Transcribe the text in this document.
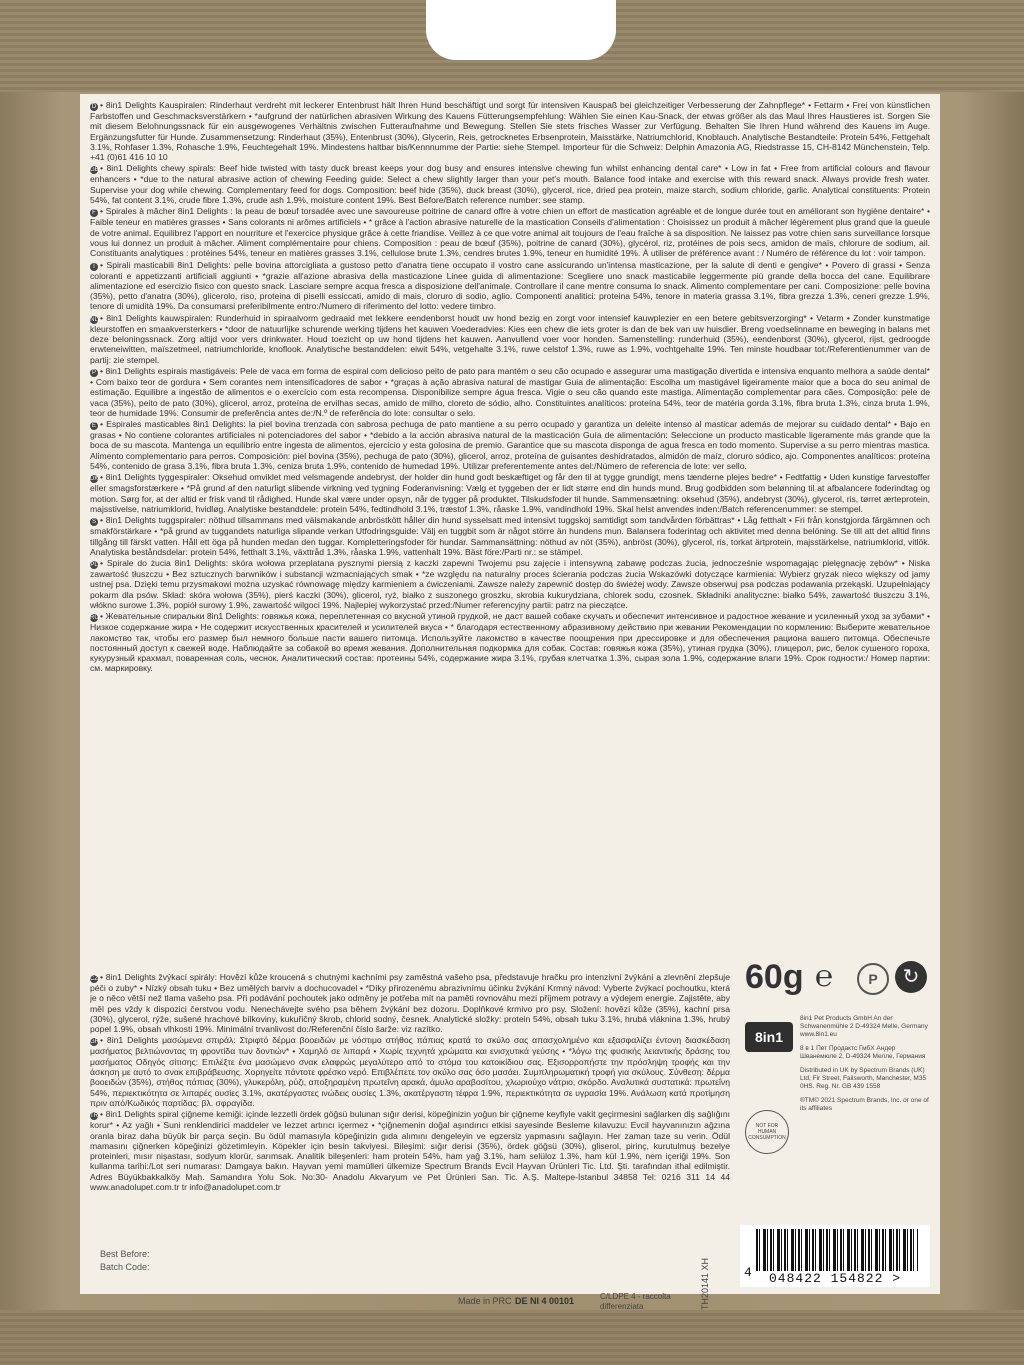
D • 8in1 Delights Kauspiralen: Rinderhaut verdreht mit leckerer Entenbrust hält Ihren Hund beschäftigt und sorgt für intensiven Kauspaß bei gleichzeitiger Verbesserung der Zahnpflege* • Fettarm • Frei von künstlichen Farbstoffen und Geschmacksverstärkern • *aufgrund der natürlichen abrasiven Wirkung des Kauens Fütterungsempfehlung: Wählen Sie einen Kau-Snack, der etwas größer als das Maul Ihres Haustieres ist. Sorgen Sie mit diesem Belohnungssnack für ein ausgewogenes Verhältnis zwischen Futteraufnahme und Bewegung. Stellen Sie stets frisches Wasser zur Verfügung. Behalten Sie Ihren Hund während des Kauens im Auge. Ergänzungsfutter für Hunde. Zusammensetzung: Rinderhaut (35%), Entenbrust (30%), Glycerin, Reis, getrocknetes Erbsenprotein, Maisstärke, Natriumchlorid, Knoblauch. Analytische Bestandteile: Protein 54%, Fettgehalt 3.1%, Rohfaser 1.3%, Rohasche 1.9%, Feuchtegehalt 19%. Mindestens haltbar bis/Kennnumme der Partie: siehe Stempel. Importeur für die Schweiz: Delphin Amazonia AG, Riedstrasse 15, CH-8142 Münchenstein, Telp. +41 (0)61 416 10 10

GB• 8in1 Delights chewy spirals: Beef hide twisted with tasty duck breast keeps your dog busy and ensures intensive chewing fun whilst enhancing dental care* • Low in fat • Free from artificial colours and flavour enhancers • *due to the natural abrasive action of chewing Feeding guide: Select a chew slightly larger than your pet's mouth. Balance food intake and exercise with this reward snack. Always provide fresh water. Supervise your dog while chewing. Complementary feed for dogs. Composition: beef hide (35%), duck breast (30%), glycerol, rice, dried pea protein, maize starch, sodium chloride, garlic. Analytical constituents: Protein 54%, fat content 3.1%, crude fibre 1.3%, crude ash 1.9%, moisture content 19%. Best Before/Batch reference number: see stamp.

F • Spirales à mâcher 8in1 Delights : la peau de bœuf torsadée avec une savoureuse poitrine de canard offre à votre chien un effort de mastication agréable et de longue durée tout en améliorant son hygiène dentaire* • Faible teneur en matières grasses • Sans colorants ni arômes artificiels • * grâce à l'action abrasive naturelle de la mastication Conseils d'alimentation : Choisissez un produit à mâcher légèrement plus grand que la gueule de votre animal. Equilibrez l'apport en nourriture et l'exercice physique grâce à cette friandise. Veillez à ce que votre animal ait toujours de l'eau fraîche à sa disposition. Ne laissez pas votre chien sans surveillance lorsque vous lui donnez un produit à mâcher. Aliment complémentaire pour chiens. Composition : peau de bœuf (35%), poitrine de canard (30%), glycérol, riz, protéines de pois secs, amidon de maïs, chlorure de sodium, ail. Constituants analytiques : protéines 54%, teneur en matières grasses 3.1%, cellulose brute 1.3%, cendres brutes 1.9%, teneur en humidité 19%. À utiliser de préférence avant : / Numéro de référence du lot : voir tampon.

I • Spirali masticabili 8in1 Delights: pelle bovina attorcigliata a gustoso petto d'anatra tiene occupato il vostro cane assicurando un'intensa masticazione, per la salute di denti e gengive* • Povero di grassi • Senza coloranti e appetizzanti artificiali aggiunti • *grazie all'azione abrasiva della masticazione Linee guida di alimentazione: Scegliere uno snack masticabile leggermente più grande della bocca del cane. Equilibrare alimentazione ed esercizio fisico con questo snack. Lasciare sempre acqua fresca a disposizione dell'animale. Controllare il cane mentre consuma lo snack. Alimento complementare per cani. Composizione: pelle bovina (35%), petto d'anatra (30%), glicerolo, riso, proteina di piselli essiccati, amido di mais, cloruro di sodio, aglio. Componenti analitici: proteina 54%, tenore in materia grassa 3.1%, fibra grezza 1.3%, ceneri grezze 1.9%, tenore di umidità 19%. Da consumarsi preferibilmente entro:/Numero di riferimento del lotto: vedere timbro.

NL • 8in1 Delights kauwspiralen: Runderhuid in spiraalvorm gedraaid met lekkere eendenborst houdt uw hond bezig en zorgt voor intensief kauwplezier en een betere gebitsverzorging* • Vetarm • Zonder kunstmatige kleurstoffen en smaakversterkers • *door de natuurlijke schurende werking tijdens het kauwen Voederadvies: Kies een chew die iets groter is dan de bek van uw huisdier. Breng voedselinname en beweging in balans met deze beloningssnack. Zorg altijd voor vers drinkwater. Houd toezicht op uw hond tijdens het kauwen. Aanvullend voer voor honden. Samenstelling: runderhuid (35%), eendenborst (30%), glycerol, rijst, gedroogde erwteneiwitten, maïszetmeel, natriumchloride, knoflook. Analytische bestanddelen: eiwit 54%, vetgehalte 3.1%, ruwe celstof 1.3%, ruwe as 1.9%, vochtgehalte 19%. Ten minste houdbaar tot:/Referentienummer van de partij: zie stempel.

P • 8in1 Delights espirais mastigáveis: Pele de vaca em forma de espiral com delicioso peito de pato para mantém o seu cão ocupado e assegurar uma mastigação divertida e intensiva enquanto melhora a saúde dental* • Com baixo teor de gordura • Sem corantes nem intensificadores de sabor • *graças à ação abrasiva natural de mastigar Guia de alimentação: Escolha um mastigável ligeiramente maior que a boca do seu animal de estimação. Equilibre a ingestão de alimentos e o exercício com esta recompensa. Disponibilize sempre água fresca. Vigie o seu cão quando este mastiga. Alimentação complementar para cães. Composição: pele de vaca (35%), peito de pato (30%), glicerol, arroz, proteína de ervilhas secas, amido de milho, cloreto de sódio, alho. Constituintes analíticos: proteína 54%, teor de matéria gorda 3.1%, fibra bruta 1.3%, cinza bruta 1.9%, teor de humidade 19%. Consumir de preferência antes de:/N.º de referência do lote: consultar o selo.

E • Espirales masticables 8in1 Delights: la piel bovina trenzada con sabrosa pechuga de pato mantiene a su perro ocupado y garantiza un deleite intenso al masticar además de mejorar su cuidado dental* • Bajo en grasas • No contiene colorantes artificiales ni potenciadores del sabor • *debido a la acción abrasiva natural de la masticación Guía de alimentación: Seleccione un producto masticable ligeramente más grande que la boca de su mascota. Mantenga un equilibrio entre ingesta de alimentos, ejercicio y esta golosina de premio. Garantice que su mascota disponga de agua fresca en todo momento. Supervise a su perro mientras mastica. Alimento complementario para perros. Composición: piel bovina (35%), pechuga de pato (30%), glicerol, arroz, proteína de guisantes deshidratados, almidón de maíz, cloruro sódico, ajo. Componentes analíticos: proteína 54%, contenido de grasa 3.1%, fibra bruta 1.3%, ceniza bruta 1.9%, contenido de humedad 19%. Utilizar preferentemente antes del:/Número de referencia de lote: ver sello.

DK • 8in1 Delights tyggespiraler: Oksehud omviklet med velsmagende andebryst, der holder din hund godt beskæftiget og får den til at tygge grundigt, mens tænderne plejes bedre* • Fedtfattig • Uden kunstige farvestoffer eller smagsforstærkere • *På grund af den naturligt slibende virkning ved tygning Foderanvisning: Vælg et tyggeben der er lidt større end din hunds mund. Brug godbidden som belønning til at afbalancere foderindtag og motion. Sørg for, at der altid er frisk vand til rådighed. Hunde skal være under opsyn, når de tygger på produktet. Tilskudsfoder til hunde. Sammensætning: oksehud (35%), andebryst (30%), glycerol, ris, tørret ærteprotein, majsstivelse, natriumklorid, hvidløg. Analytiske bestanddele: protein 54%, fedtindhold 3.1%, træstof 1.3%, råaske 1.9%, vandindhold 19%. Skal helst anvendes inden:/Batch referencenummer: se stempel.

S • 8in1 Delights tuggspiraler: nöthud tillsammans med välsmakande anbröstkött håller din hund sysselsatt med intensivt tuggskoj samtidigt som tandvården förbättras* • Låg fetthalt • Fri från konstgjorda färgämnen och smakförstärkare • *på grund av tuggandets naturliga slipande verkan Utfodringsguide: Välj en tuggbit som är något större än hundens mun. Balansera foderintag och aktivitet med denna belöning. Se till att det alltid finns tillgång till färskt vatten. Håll ett öga på hunden medan den tuggar. Kompletteringsfoder för hundar. Sammansättning: nöthud av nöt (35%), anbröst (30%), glycerol, ris, torkat ärtprotein, majsstärkelse, natriumklorid, vitlök. Analytiska beståndsdelar: protein 54%, fetthalt 3.1%, växttråd 1.3%, råaska 1.9%, vattenhalt 19%. Bäst före:/Parti nr.: se stämpel.

PL • Spirale do żucia 8in1 Delights: skóra wołowa przeplatana pysznymi piersią z kaczki zapewni Twojemu psu zajęcie i intensywną zabawę podczas żucia, jednocześnie wspomagając pielęgnację zębów* • Niska zawartość tłuszczu • Bez sztucznych barwników i substancji wzmacniających smak • *ze względu na naturalny proces ścierania podczas żucia Wskazówki dotyczące karmienia: Wybierz gryzak nieco większy od jamy ustnej psa. Dzięki temu przysmakowi można uzyskać równowagę między karmieniem a ćwiczeniami. Zawsze należy zapewnić dostęp do świeżej wody. Zawsze obserwuj psa podczas podawania przekąski. Uzupełniający pokarm dla psów. Skład: skóra wołowa (35%), pierś kaczki (30%), glicerol, ryż, białko z suszonego groszku, skrobia kukurydziana, chlorek sodu, czosnek. Składniki analityczne: białko 54%, zawartość tłuszczu 3.1%, włókno surowe 1.3%, popiół surowy 1.9%, zawartość wilgoci 19%. Najlepiej wykorzystać przed:/Numer referencyjny partii: patrz na pieczątce.

RU• Жевательные спиральки 8in1 Delights: говяжья кожа, переплетенная со вкусной утиной грудкой, не даст вашей собаке скучать и обеспечит интенсивное и радостное жевание и усиленный уход за зубами* • Низкое содержание жира • Не содержит искусственных красителей и усилителей вкуса • * благодаря естественному абразивному действию при жевании Рекомендации по кормлению: Выберите жевательное лакомство так, чтобы его размер был немного больше пасти вашего питомца. Используйте лакомство в качестве поощрения при дрессировке и для обеспечения рациона вашего питомца. Обеспечьте постоянный доступ к свежей воде. Наблюдайте за собакой во время жевания. Дополнительная подкормка для собак. Состав: говяжья кожа (35%), утиная грудка (30%), глицерол, рис, белок сушеного гороха, кукурузный крахмал, поваренная соль, чеснок. Аналитический состав: протеины 54%, содержание жира 3.1%, грубая клетчатка 1.3%, сырая зола 1.9%, содержание влаги 19%. Срок годности:/ Номер партии: см. маркировку.

CZ • 8in1 Delights žvýkací spirály: Hovězí kůže kroucená s chutnými kachními psy zaměstná vašeho psa, představuje hračku pro intenzivní žvýkání a zlevnění zlepšuje péči o zuby* • Nízký obsah tuku • Bez umělých barviv a dochucovadel • *Díky přirozenému abrazivnímu účinku žvýkání Krmný návod: Vyberte žvýkací pochoutku, která je o něco větší než tlama vašeho psa. Při podávání pochoutek jako odměny je potřeba mít na paměti rovnováhu mezi příjmem potravy a výdejem energie. Zajistěte, aby měl pes vždy k dispozici čerstvou vodu. Nenechávejte svého psa během žvýkání bez dozoru. Doplňkové krmivo pro psy. Složení: hovězí kůže (35%), kachní prsa (30%), glycerol, rýže, sušené hrachové bílkoviny, kukuřičný škrob, chlorid sodný, česnek. Analytické složky: protein 54%, obsah tuku 3.1%, hrubá vláknina 1.3%, hrubý popel 1.9%, obsah vlhkosti 19%. Minimální trvanlivost do:/Referenční číslo šarže: viz razítko.

GR• 8in1 Delights μασώμενα σπιράλ: Στριφτό δέρμα βοοειδών με νόστιμο στήθος πάπιας κρατά το σκύλο σας απασχολημένο και εξασφαλίζει έντονη διασκέδαση μασήματος βελτιώνοντας τη φροντίδα των δοντιών* • Χαμηλό σε λιπαρά • Χωρίς τεχνητά χρώματα και ενισχυτικά γεύσης • *λόγω της φυσικής λειαντικής δράσης του μασήματος Οδηγός σίτισης: Επιλέξτε ένα μασώμενο σνακ ελαφρώς μεγαλύτερο από το στόμα του κατοικίδιου σας. Εξισορροπήστε την πρόσληψη τροφής και την άσκηση με αυτό το σνακ επιβράβευσης. Χορηγείτε πάντοτε φρέσκο νερό. Επιβλέπετε τον σκύλο σας όσο μασάει. Συμπληρωματική τροφή για σκύλους. Σύνθεση: δέρμα βοοειδών (35%), στήθος πάπιας (30%), γλυκερόλη, ρύζι, αποξηραμένη πρωτεΐνη αρακά, άμυλο αραβοσίτου, χλωριούχο νάτριο, σκόρδο. Αναλυτικά συστατικά: πρωτεΐνη 54%, περιεκτικότητα σε λιπαρές ουσίες 3.1%, ακατέργαστες ινώδεις ουσίες 1.3%, ακατέργαστη τέφρα 1.9%, περιεκτικότητα σε υγρασία 19%. Ανάλωση κατά προτίμηση πριν από/Κωδικός παρτίδας: βλ. σφραγίδα.

TR • 8in1 Delights spiral çiğneme kemiği: içinde lezzetli ördek göğsü bulunan sığır derisi, köpeğinizin yoğun bir çiğneme keyfiyle vakit geçirmesini sağlarken diş sağlığını korur* • Az yağlı • Suni renklendirici maddeler ve lezzet artırıcı içermez • *çiğnemenin doğal aşındırıcı etkisi sayesinde Besleme kılavuzu: Evcil hayvanınızın ağzına oranla biraz daha büyük bir parça seçin. Bu ödül mamasıyla köpeğinizin gıda alımını dengeleyin ve egzersiz yapmasını sağlayın. Her zaman taze su verin. Ödül mamasını çiğnerken köpeğinizi gözetimleyin. Köpekler için besin takviyesi. Bileşimi: sığır derisi (35%), ördek göğsü (30%), gliserol, pirinç, kurutulmuş bezelye proteinleri, mısır nişastası, sodyum klorür, sarımsak. Analitik bileşenleri: ham protein 54%, ham yağ 3.1%, ham selüloz 1.3%, ham kül 1.9%, nem içeriği 19%. Son kullanma tarihi:/Lot seri numarası: Damgaya bakın. Hayvan yemi mamülleri ülkemize Spectrum Brands Evcil Hayvan Ürünleri Tic. Ltd. Şti. tarafından ithal edilmiştir. Adres Büyükbakkalköy Mah. Samandıra Yolu Sok. No:30- Anadolu Akvaryum ve Pet Ürünleri San. Tic. A.Ş. Maltepe-İstanbul 34858 Tel: 0216 311 14 44 www.anadolupet.com.tr tr info@anadolupet.com.tr

60g ℮	P	↻
8in1

8in1 Pet Products GmbH An der Schwanenmühle 2 D-49324 Melle, Germany www.8in1.eu

8 в 1 Пет Продактс ГмбХ Андер Шванемюле 2, D-49324 Мелле, Германия

Distributed in UK by Spectrum Brands (UK) Ltd, Fir Street, Failsworth, Manchester, M35 0HS. Reg. Nr. GB 439 1558

®TM© 2021 Spectrum Brands, Inc. or one of its affiliates

NOT FOR HUMAN CONSUMPTION
Best Before:
Batch Code:
Made in PRC DE NI 4 00101	C/LDPE 4 - raccolta differenziata	TH20141 XH	4	048422 154822 >
